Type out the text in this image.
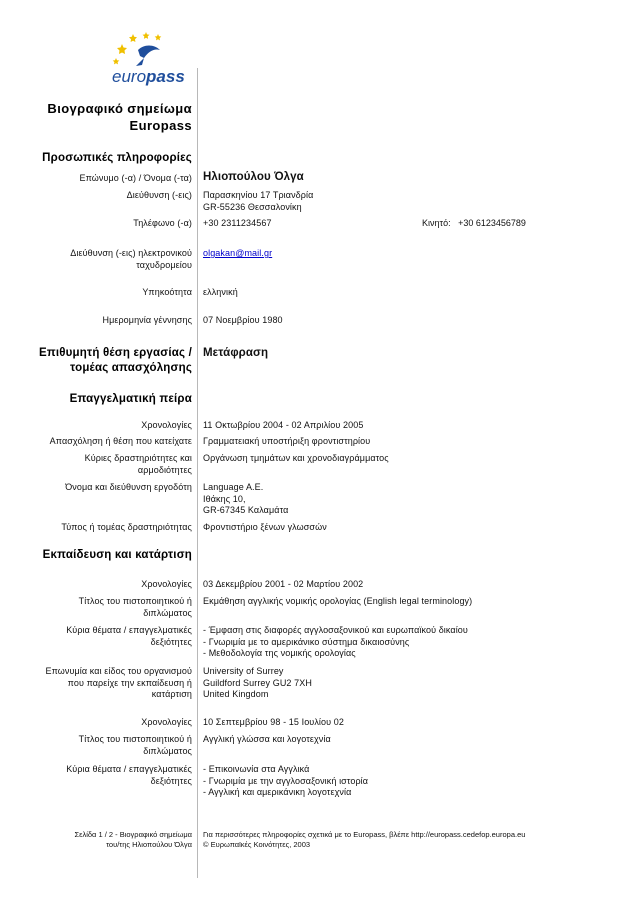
europass
Βιογραφικό σημείωμα
Europass
Προσωπικές πληροφορίες
Επώνυμο (-α) / Όνομα (-τα) Ηλιοπούλου Όλγα
Διεύθυνση (-εις) Παρασκηνίου 17 Τριανδρία
GR-55236 Θεσσαλονίκη
Τηλέφωνο (-α) +30 2311234567	Κινητό: +30 6123456789
Διεύθυνση (-εις) ηλεκτρονικού
ταχυδρομείου
olgakan@mail.gr
Υπηκοότητα ελληνική
Ημερομηνία γέννησης 07 Νοεμβρίου 1980
Επιθυμητή θέση εργασίας /
τομέας απασχόλησης
Μετάφραση
Επαγγελματική πείρα
Χρονολογίες 11 Οκτωβρίου 2004 - 02 Απριλίου 2005
Απασχόληση ή θέση που κατείχατε Γραμματειακή υποστήριξη φροντιστηρίου
Κύριες δραστηριότητες και
αρμοδιότητες
Οργάνωση τμημάτων και χρονοδιαγράμματος
Όνομα και διεύθυνση εργοδότη Language A.E.
Ιθάκης 10,
GR-67345 Καλαμάτα
Τύπος ή τομέας δραστηριότητας Φροντιστήριο ξένων γλωσσών
Εκπαίδευση και κατάρτιση
Χρονολογίες 03 Δεκεμβρίου 2001 - 02 Μαρτίου 2002
Τίτλος του πιστοποιητικού ή
διπλώματος
Εκμάθηση αγγλικής νομικής ορολογίας (English legal terminology)
Κύρια θέματα / επαγγελματικές
δεξιότητες
- Έμφαση στις διαφορές αγγλοσαξονικού και ευρωπαϊκού δικαίου
- Γνωριμία με το αμερικάνικο σύστημα δικαιοσύνης
- Μεθοδολογία της νομικής ορολογίας
Επωνυμία και είδος του οργανισμού
που παρείχε την εκπαίδευση ή
κατάρτιση
University of Surrey
Guildford Surrey GU2 7XH
United Kingdom
Χρονολογίες 10 Σεπτεμβρίου 98 - 15 Ιουλίου 02
Τίτλος του πιστοποιητικού ή
διπλώματος
Αγγλική γλώσσα και λογοτεχνία
Κύρια θέματα / επαγγελματικές
δεξιότητες
- Επικοινωνία στα Αγγλικά
- Γνωριμία με την αγγλοσαξονική ιστορία
- Αγγλική και αμερικάνικη λογοτεχνία
Σελίδα 1 / 2 - Βιογραφικό σημείωμα
του/της Ηλιοπούλου Όλγα
Για περισσότερες πληροφορίες σχετικά με το Europass, βλέπε http://europass.cedefop.europa.eu
© Ευρωπαϊκές Κοινότητες, 2003
